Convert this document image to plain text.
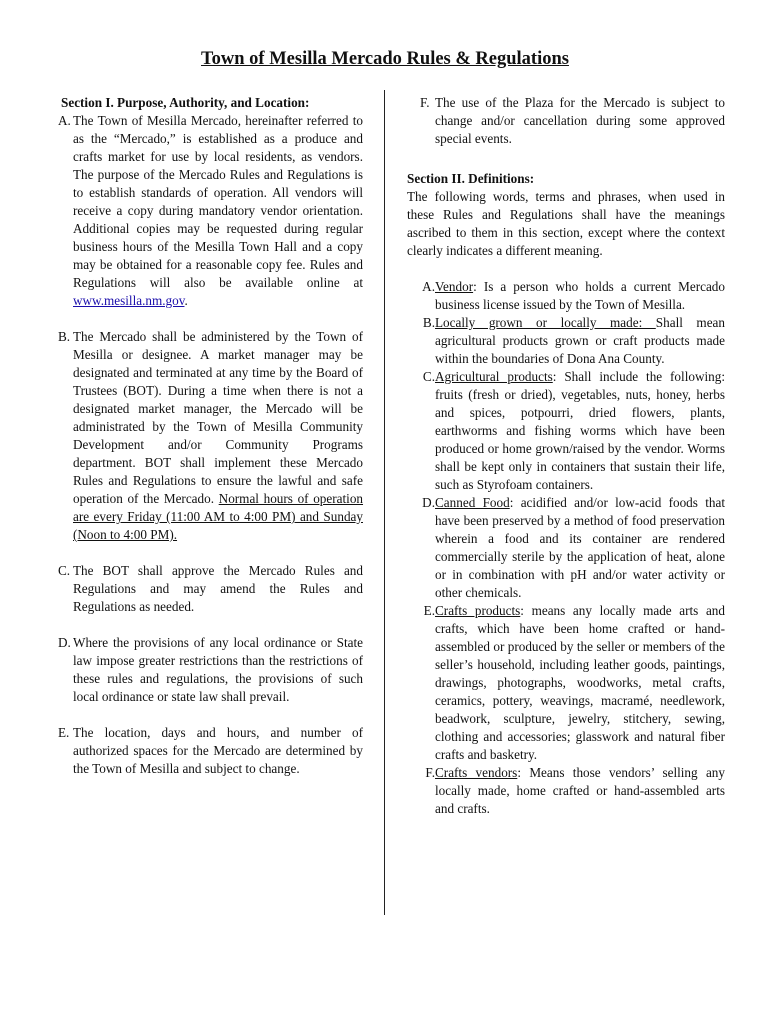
Town of Mesilla Mercado Rules & Regulations

Section I. Purpose, Authority, and Location:

A. The Town of Mesilla Mercado, hereinafter referred to as the “Mercado,” is established as a produce and crafts market for use by local residents, as vendors. The purpose of the Mercado Rules and Regulations is to establish standards of operation. All vendors will receive a copy during mandatory vendor orientation. Additional copies may be requested during regular business hours of the Mesilla Town Hall and a copy may be obtained for a reasonable copy fee. Rules and Regulations will also be available online at www.mesilla.nm.gov.
B. The Mercado shall be administered by the Town of Mesilla or designee. A market manager may be designated and terminated at any time by the Board of Trustees (BOT). During a time when there is not a designated market manager, the Mercado will be administrated by the Town of Mesilla Community Development and/or Community Programs department. BOT shall implement these Mercado Rules and Regulations to ensure the lawful and safe operation of the Mercado. Normal hours of operation are every Friday (11:00 AM to 4:00 PM) and Sunday (Noon to 4:00 PM).
C. The BOT shall approve the Mercado Rules and Regulations and may amend the Rules and Regulations as needed.
D. Where the provisions of any local ordinance or State law impose greater restrictions than the restrictions of these rules and regulations, the provisions of such local ordinance or state law shall prevail.
E. The location, days and hours, and number of authorized spaces for the Mercado are determined by the Town of Mesilla and subject to change.
F. The use of the Plaza for the Mercado is subject to change and/or cancellation during some approved special events.

Section II. Definitions:

The following words, terms and phrases, when used in these Rules and Regulations shall have the meanings ascribed to them in this section, except where the context clearly indicates a different meaning.

A. Vendor: Is a person who holds a current Mercado business license issued by the Town of Mesilla.
B. Locally grown or locally made: Shall mean agricultural products grown or craft products made within the boundaries of Dona Ana County.
C. Agricultural products: Shall include the following: fruits (fresh or dried), vegetables, nuts, honey, herbs and spices, potpourri, dried flowers, plants, earthworms and fishing worms which have been produced or home grown/raised by the vendor. Worms shall be kept only in containers that sustain their life, such as Styrofoam containers.
D. Canned Food: acidified and/or low-acid foods that have been preserved by a method of food preservation wherein a food and its container are rendered commercially sterile by the application of heat, alone or in combination with pH and/or water activity or other chemicals.
E. Crafts products: means any locally made arts and crafts, which have been home crafted or hand-assembled or produced by the seller or members of the seller’s household, including leather goods, paintings, drawings, photographs, woodworks, metal crafts, ceramics, pottery, weavings, macramé, needlework, beadwork, sculpture, jewelry, stitchery, sewing, clothing and accessories; glasswork and natural fiber crafts and basketry.
F. Crafts vendors: Means those vendors’ selling any locally made, home crafted or hand-assembled arts and crafts.
